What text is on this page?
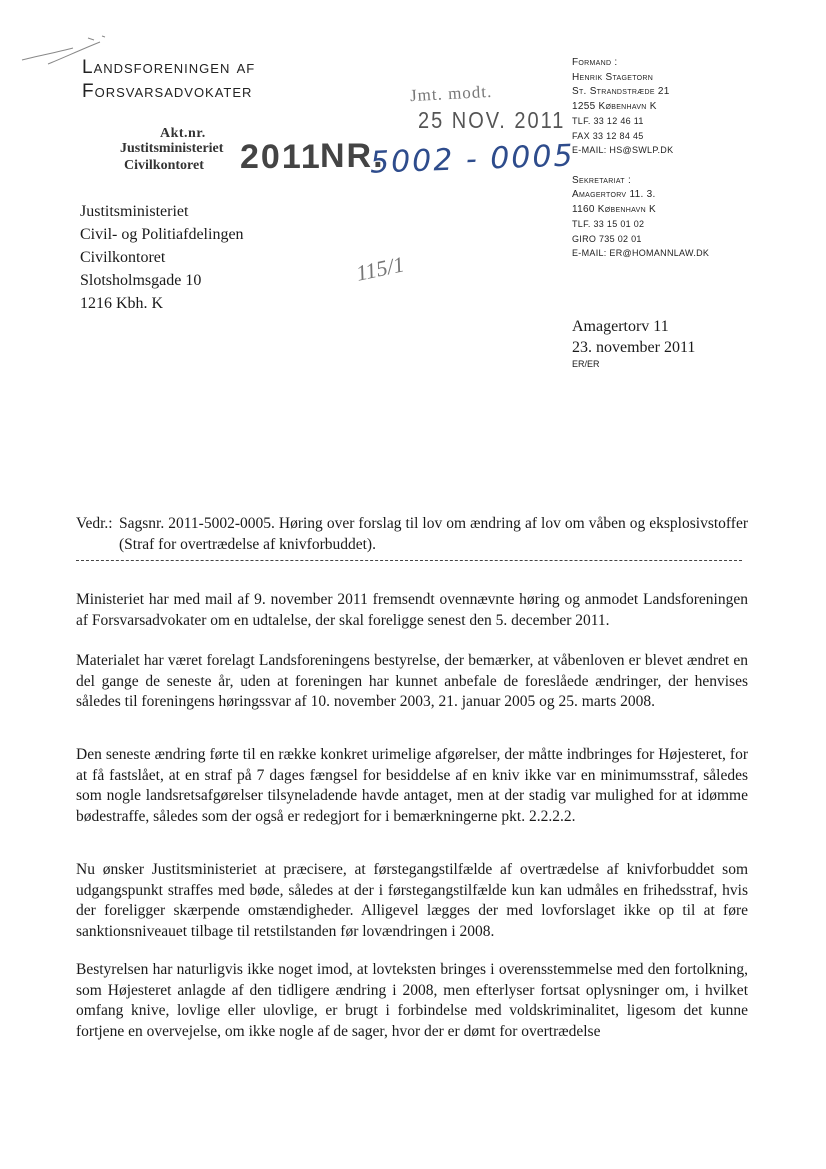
Landsforeningen af
Forsvarsadvokater
Akt.nr.
Justitsministeriet
Civilkontoret	2011
NR.
5002 - 0005
Jmt. modt.
25 NOV. 2011
115/1
Justitsministeriet
Civil- og Politiafdelingen
Civilkontoret
Slotsholmsgade 10
1216 Kbh. K
Formand :
Henrik Stagetorn
St. Strandstræde 21
1255 København K
TLF. 33 12 46 11
FAX 33 12 84 45
E-MAIL: HS@SWLP.DK
Sekretariat :
Amagertorv 11. 3.
1160 København K
TLF. 33 15 01 02
GIRO 735 02 01
E-MAIL: ER@HOMANNLAW.DK
Amagertorv 11
23. november 2011
ER/ER
Vedr.: Sagsnr. 2011-5002-0005. Høring over forslag til lov om ændring af lov om våben og eksplosivstoffer (Straf for overtrædelse af knivforbuddet).

Ministeriet har med mail af 9. november 2011 fremsendt ovennævnte høring og anmodet Landsforeningen af Forsvarsadvokater om en udtalelse, der skal foreligge senest den 5. december 2011.

Materialet har været forelagt Landsforeningens bestyrelse, der bemærker, at våbenloven er blevet ændret en del gange de seneste år, uden at foreningen har kunnet anbefale de foreslåede ændringer, der henvises således til foreningens høringssvar af 10. november 2003, 21. januar 2005 og 25. marts 2008.

Den seneste ændring førte til en række konkret urimelige afgørelser, der måtte indbringes for Højesteret, for at få fastslået, at en straf på 7 dages fængsel for besiddelse af en kniv ikke var en minimumsstraf, således som nogle landsretsafgørelser tilsyneladende havde antaget, men at der stadig var mulighed for at idømme bødestraffe, således som der også er redegjort for i bemærkningerne pkt. 2.2.2.2.

Nu ønsker Justitsministeriet at præcisere, at førstegangstilfælde af overtrædelse af knivforbuddet som udgangspunkt straffes med bøde, således at der i førstegangstilfælde kun kan udmåles en frihedsstraf, hvis der foreligger skærpende omstændigheder. Alligevel lægges der med lovforslaget ikke op til at føre sanktionsniveauet tilbage til retstilstanden før lovændringen i 2008.

Bestyrelsen har naturligvis ikke noget imod, at lovteksten bringes i overensstemmelse med den fortolkning, som Højesteret anlagde af den tidligere ændring i 2008, men efterlyser fortsat oplysninger om, i hvilket omfang knive, lovlige eller ulovlige, er brugt i forbindelse med voldskriminalitet, ligesom det kunne fortjene en overvejelse, om ikke nogle af de sager, hvor der er dømt for overtrædelse
